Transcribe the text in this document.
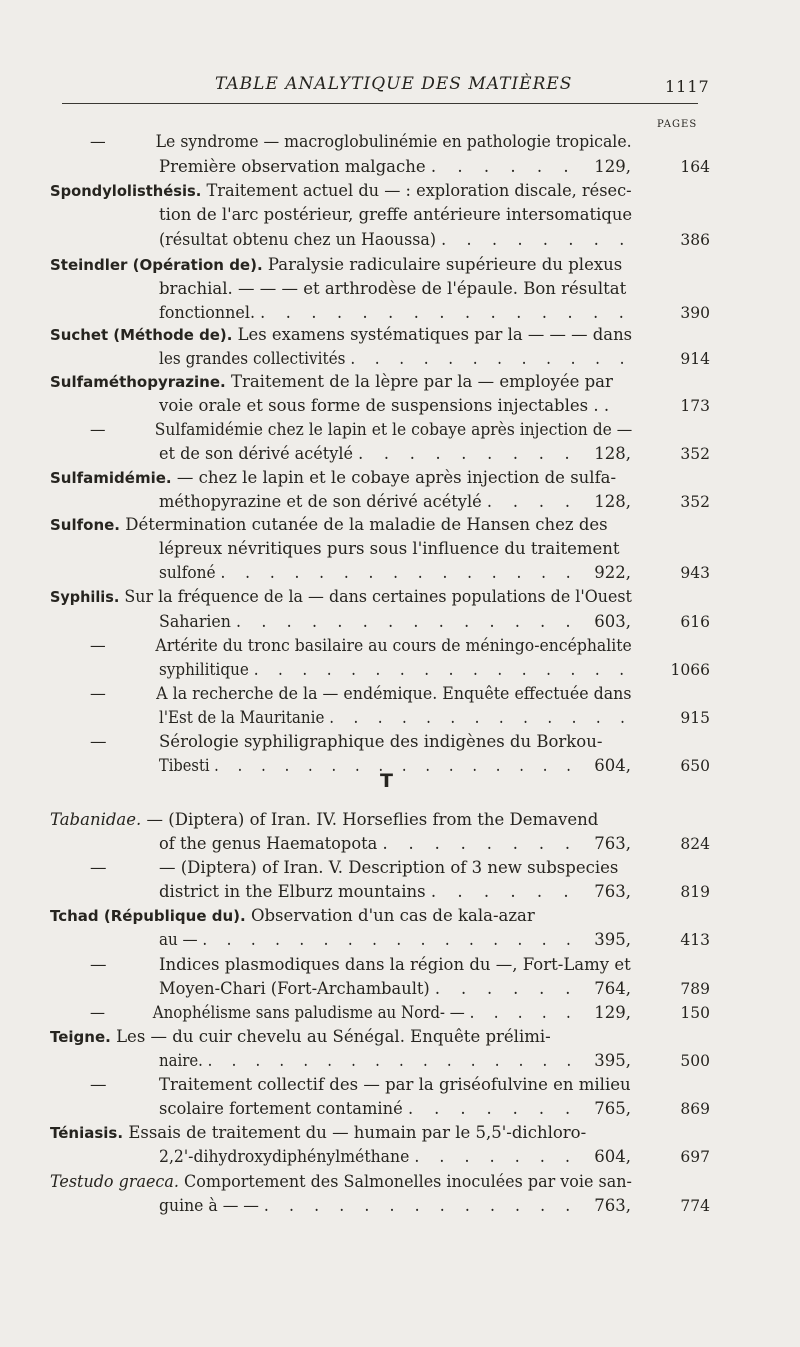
TABLE ANALYTIQUE DES MATIÈRES	1117
PAGES
—	Le syndrome — macroglobulinémie en pathologie tropicale.
Première observation malgache . . . . . .	129,	164
Spondylolisthésis. Traitement actuel du — : exploration discale, résec-
tion de l'arc postérieur, greffe antérieure intersomatique
(résultat obtenu chez un Haoussa) . . . . . . . .	386
Steindler (Opération de). Paralysie radiculaire supérieure du plexus
brachial. — — — et arthrodèse de l'épaule. Bon résultat
fonctionnel. . . . . . . . . . . . . . . .	390
Suchet (Méthode de). Les examens systématiques par la — — — dans
les grandes collectivités . . . . . . . . . . . .	914
Sulfaméthopyrazine. Traitement de la lèpre par la — employée par
voie orale et sous forme de suspensions injectables . .	173
—	Sulfamidémie chez le lapin et le cobaye après injection de —
et de son dérivé acétylé . . . . . . . . .	128,	352
Sulfamidémie. — chez le lapin et le cobaye après injection de sulfa-
méthopyrazine et de son dérivé acétylé . . . . 128,	352
Sulfone. Détermination cutanée de la maladie de Hansen chez des
lépreux névritiques purs sous l'influence du traitement
sulfoné . . . . . . . . . . . . . . . 922,	943
Syphilis. Sur la fréquence de la — dans certaines populations de l'Ouest
Saharien . . . . . . . . . . . . . . 603,	616
—	Artérite du tronc basilaire au cours de méningo-encéphalite
syphilitique . . . . . . . . . . . . . . . .	1066
—	A la recherche de la — endémique. Enquête effectuée dans
l'Est de la Mauritanie . . . . . . . . . . . . .	915
—	Sérologie syphiligraphique des indigènes du Borkou-
Tibesti . . . . . . . . . . . . . . . . 604,	650
Tabanidae. — (Diptera) of Iran. IV. Horseflies from the Demavend
of the genus Haematopota . . . . . . . . 763,	824
—	— (Diptera) of Iran. V. Description of 3 new subspecies
district in the Elburz mountains . . . . . .	763,	819
Tchad (République du). Observation d'un cas de kala-azar
au — . . . . . . . . . . . . . . . . 395,	413
—	Indices plasmodiques dans la région du —, Fort-Lamy et
Moyen-Chari (Fort-Archambault) . . . . . . 764,	789
—	Anophélisme sans paludisme au Nord- — . . . . . 129,	150
Teigne. Les — du cuir chevelu au Sénégal. Enquête prélimi-
naire. . . . . . . . . . . . . . . . . 395,	500
—	Traitement collectif des — par la griséofulvine en milieu
scolaire fortement contaminé . . . . . . . 765,	869
Téniasis. Essais de traitement du — humain par le 5,5'-dichloro-
2,2'-dihydroxydiphénylméthane . . . . . . .	604,	697
Testudo graeca. Comportement des Salmonelles inoculées par voie san-
guine à — — . . . . . . . . . . . . . 763,	774
T
